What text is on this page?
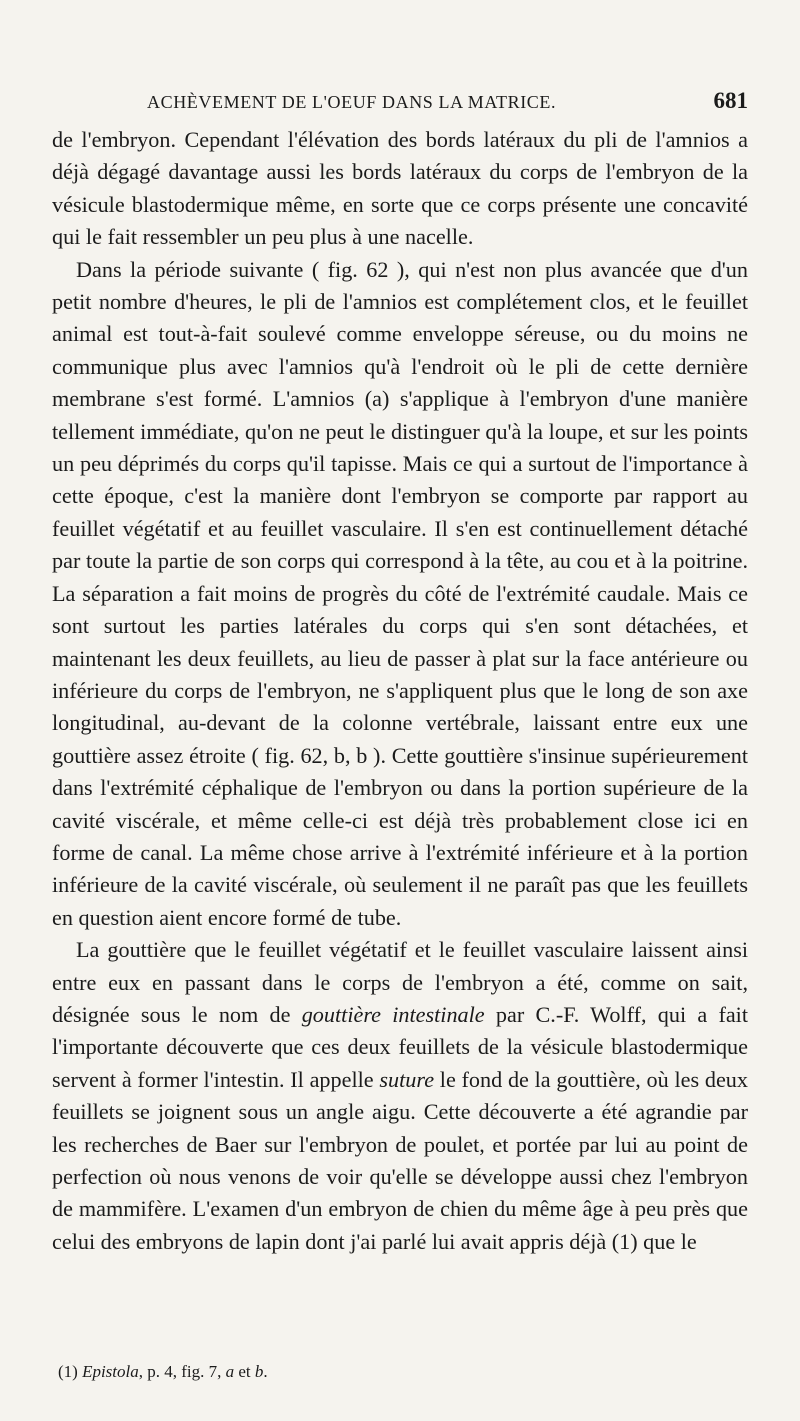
ACHÈVEMENT DE L'OEUF DANS LA MATRICE.	681

de l'embryon. Cependant l'élévation des bords latéraux du pli de l'amnios a déjà dégagé davantage aussi les bords latéraux du corps de l'embryon de la vésicule blastodermique même, en sorte que ce corps présente une concavité qui le fait ressembler un peu plus à une nacelle.

Dans la période suivante ( fig. 62 ), qui n'est non plus avancée que d'un petit nombre d'heures, le pli de l'amnios est complétement clos, et le feuillet animal est tout-à-fait soulevé comme enveloppe séreuse, ou du moins ne communique plus avec l'amnios qu'à l'endroit où le pli de cette dernière membrane s'est formé. L'amnios (a) s'applique à l'embryon d'une manière tellement immédiate, qu'on ne peut le distinguer qu'à la loupe, et sur les points un peu déprimés du corps qu'il tapisse. Mais ce qui a surtout de l'importance à cette époque, c'est la manière dont l'embryon se comporte par rapport au feuillet végétatif et au feuillet vasculaire. Il s'en est continuellement détaché par toute la partie de son corps qui correspond à la tête, au cou et à la poitrine. La séparation a fait moins de progrès du côté de l'extrémité caudale. Mais ce sont surtout les parties latérales du corps qui s'en sont détachées, et maintenant les deux feuillets, au lieu de passer à plat sur la face antérieure ou inférieure du corps de l'embryon, ne s'appliquent plus que le long de son axe longitudinal, au-devant de la colonne vertébrale, laissant entre eux une gouttière assez étroite ( fig. 62, b, b ). Cette gouttière s'insinue supérieurement dans l'extrémité céphalique de l'embryon ou dans la portion supérieure de la cavité viscérale, et même celle-ci est déjà très probablement close ici en forme de canal. La même chose arrive à l'extrémité inférieure et à la portion inférieure de la cavité viscérale, où seulement il ne paraît pas que les feuillets en question aient encore formé de tube.

La gouttière que le feuillet végétatif et le feuillet vasculaire laissent ainsi entre eux en passant dans le corps de l'embryon a été, comme on sait, désignée sous le nom de gouttière intestinale par C.-F. Wolff, qui a fait l'importante découverte que ces deux feuillets de la vésicule blastodermique servent à former l'intestin. Il appelle suture le fond de la gouttière, où les deux feuillets se joignent sous un angle aigu. Cette découverte a été agrandie par les recherches de Baer sur l'embryon de poulet, et portée par lui au point de perfection où nous venons de voir qu'elle se développe aussi chez l'embryon de mammifère. L'examen d'un embryon de chien du même âge à peu près que celui des embryons de lapin dont j'ai parlé lui avait appris déjà (1) que le

(1) Epistola, p. 4, fig. 7, a et b.
